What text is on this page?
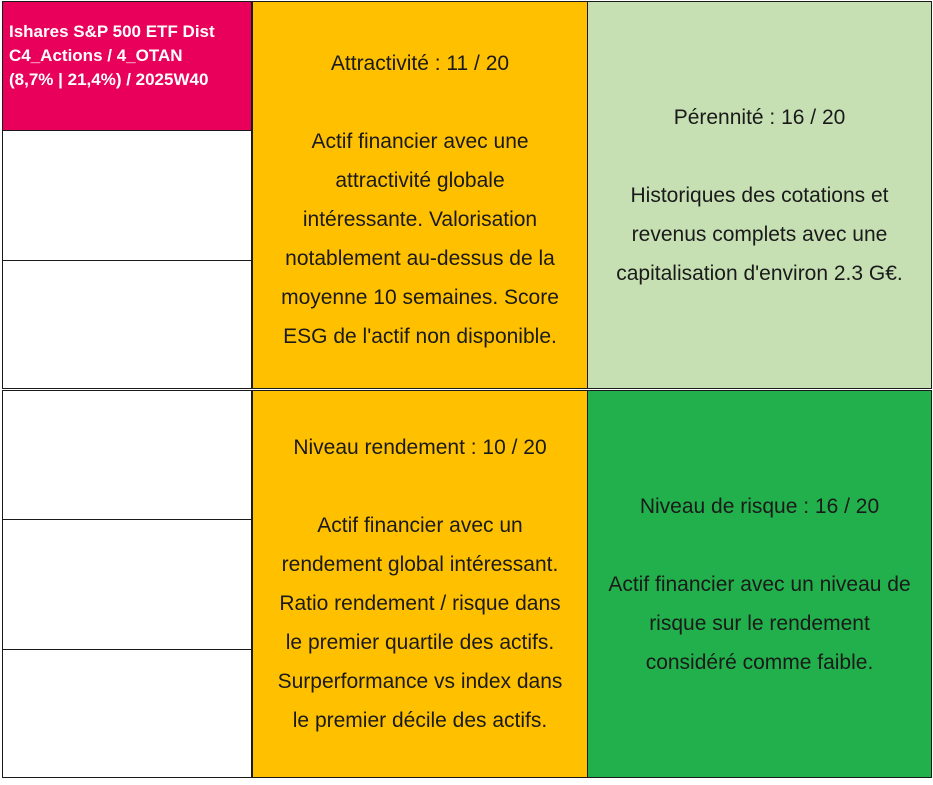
Ishares S&P 500 ETF Dist
C4_Actions / 4_OTAN
(8,7% | 21,4%) / 2025W40
Attractivité : 11 / 20
Actif financier avec une
attractivité globale
intéressante. Valorisation
notablement au-dessus de la
moyenne 10 semaines. Score
ESG de l'actif non disponible.
Pérennité : 16 / 20
Historiques des cotations et
revenus complets avec une
capitalisation d'environ 2.3 G€.
Niveau rendement : 10 / 20
Actif financier avec un
rendement global intéressant.
Ratio rendement / risque dans
le premier quartile des actifs.
Surperformance vs index dans
le premier décile des actifs.
Niveau de risque : 16 / 20
Actif financier avec un niveau de
risque sur le rendement
considéré comme faible.
